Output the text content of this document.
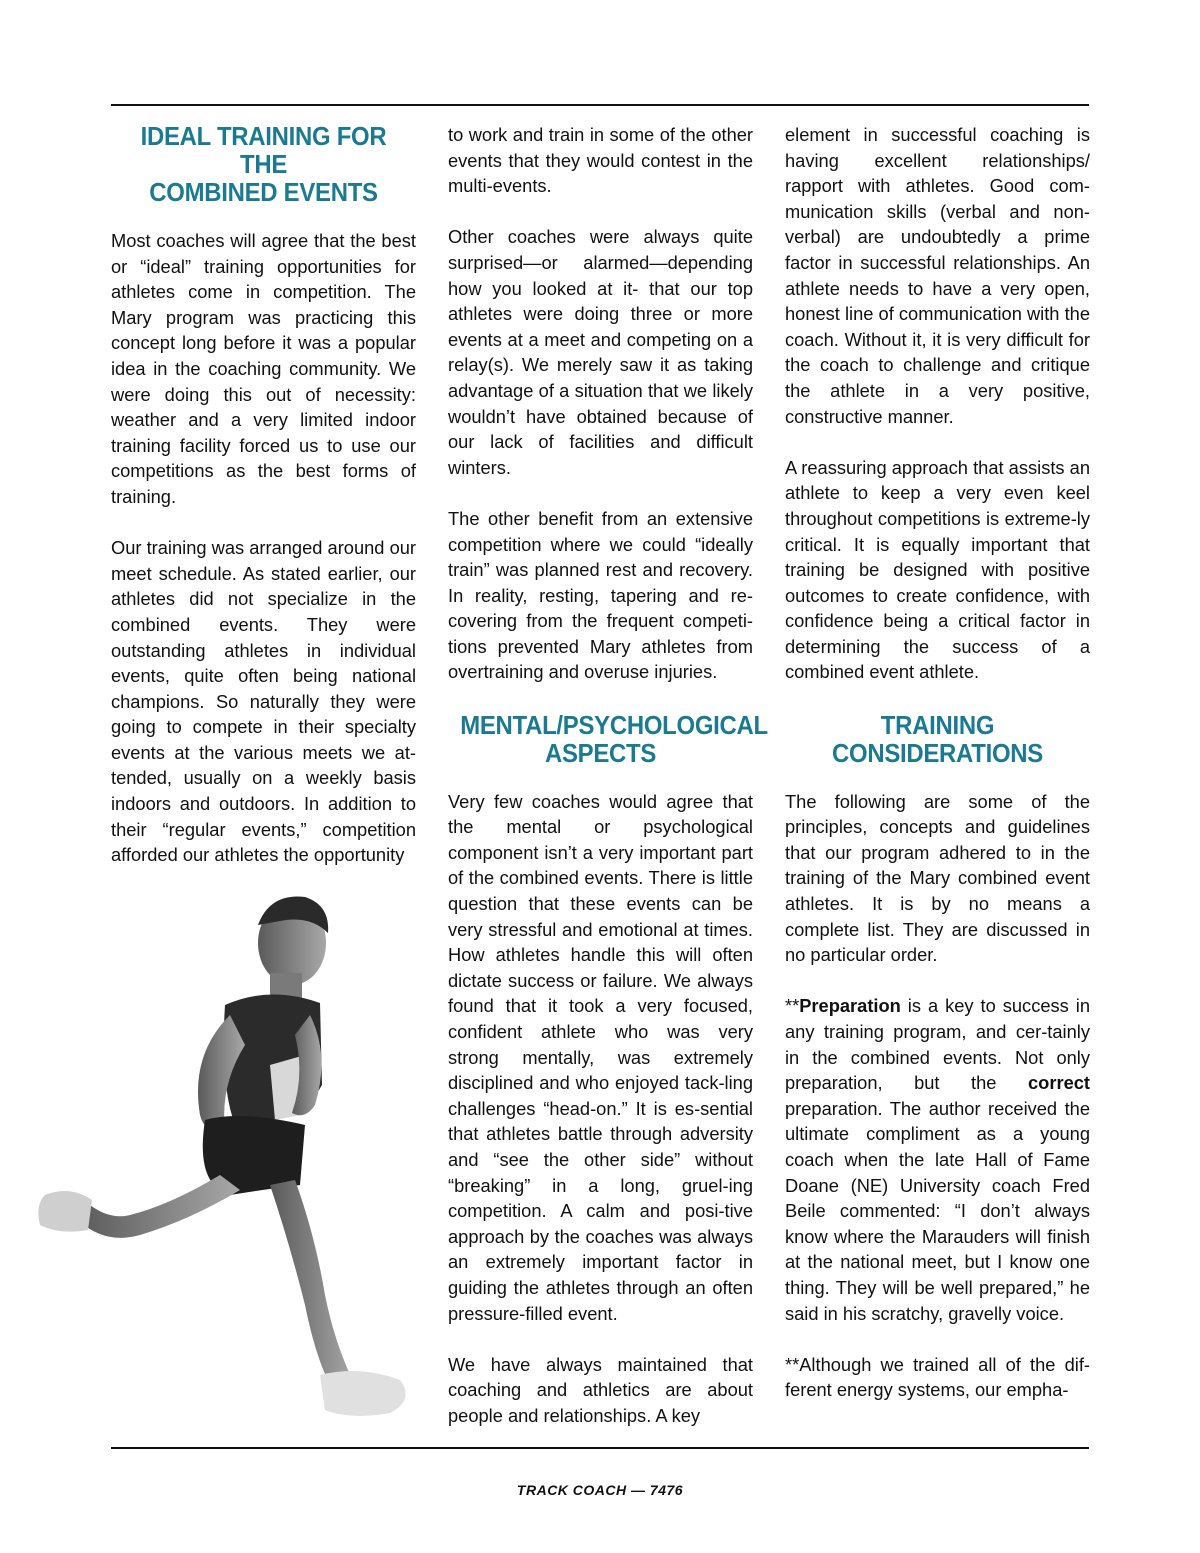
IDEAL TRAINING FOR THE
COMBINED EVENTS

Most coaches will agree that the best or “ideal” training opportunities for athletes come in competition. The Mary program was practicing this concept long before it was a popular idea in the coaching community. We were doing this out of necessity: weather and a very limited indoor training facility forced us to use our competitions as the best forms of training.

Our training was arranged around our meet schedule. As stated earlier, our athletes did not specialize in the combined events. They were outstanding athletes in individual events, quite often being national champions. So naturally they were going to compete in their specialty events at the various meets we at-tended, usually on a weekly basis indoors and outdoors. In addition to their “regular events,” competition afforded our athletes the opportunity

to work and train in some of the other events that they would contest in the multi-events.

Other coaches were always quite surprised—or alarmed—depending how you looked at it- that our top athletes were doing three or more events at a meet and competing on a relay(s). We merely saw it as taking advantage of a situation that we likely wouldn’t have obtained because of our lack of facilities and difficult winters.

The other benefit from an extensive competition where we could “ideally train” was planned rest and recovery. In reality, resting, tapering and re-covering from the frequent competi-tions prevented Mary athletes from overtraining and overuse injuries.

MENTAL/PSYCHOLOGICAL
ASPECTS

Very few coaches would agree that the mental or psychological component isn’t a very important part of the combined events. There is little question that these events can be very stressful and emotional at times. How athletes handle this will often dictate success or failure. We always found that it took a very focused, confident athlete who was very strong mentally, was extremely disciplined and who enjoyed tack-ling challenges “head-on.” It is es-sential that athletes battle through adversity and “see the other side” without “breaking” in a long, gruel-ing competition. A calm and posi-tive approach by the coaches was always an extremely important factor in guiding the athletes through an often pressure-filled event.

We have always maintained that coaching and athletics are about people and relationships. A key

element in successful coaching is having excellent relationships/ rapport with athletes. Good com-munication skills (verbal and non-verbal) are undoubtedly a prime factor in successful relationships. An athlete needs to have a very open, honest line of communication with the coach. Without it, it is very difficult for the coach to challenge and critique the athlete in a very positive, constructive manner.

A reassuring approach that assists an athlete to keep a very even keel throughout competitions is extreme-ly critical. It is equally important that training be designed with positive outcomes to create confidence, with confidence being a critical factor in determining the success of a combined event athlete.

TRAINING
CONSIDERATIONS

The following are some of the principles, concepts and guidelines that our program adhered to in the training of the Mary combined event athletes. It is by no means a complete list. They are discussed in no particular order.

**Preparation is a key to success in any training program, and cer-tainly in the combined events. Not only preparation, but the correct preparation. The author received the ultimate compliment as a young coach when the late Hall of Fame Doane (NE) University coach Fred Beile commented: “I don’t always know where the Marauders will finish at the national meet, but I know one thing. They will be well prepared,” he said in his scratchy, gravelly voice.

**Although we trained all of the dif-ferent energy systems, our empha-

TRACK COACH — 7476
